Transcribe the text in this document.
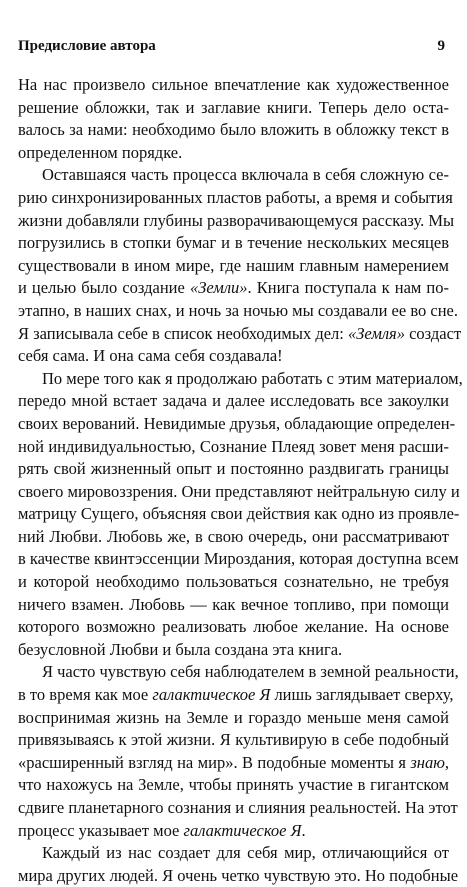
Предисловие автора	9
На нас произвело сильное впечатление как художественное
решение обложки, так и заглавие книги. Теперь дело оста-
валось за нами: необходимо было вложить в обложку текст в
определенном порядке.
Оставшаяся часть процесса включала в себя сложную се-
рию синхронизированных пластов работы, а время и события
жизни добавляли глубины разворачивающемуся рассказу. Мы
погрузились в стопки бумаг и в течение нескольких месяцев
существовали в ином мире, где нашим главным намерением
и целью было создание «Земли». Книга поступала к нам по-
этапно, в наших снах, и ночь за ночью мы создавали ее во сне.
Я записывала себе в список необходимых дел: «Земля» создаст
себя сама. И она сама себя создавала!
По мере того как я продолжаю работать с этим материалом,
передо мной встает задача и далее исследовать все закоулки
своих верований. Невидимые друзья, обладающие определен-
ной индивидуальностью, Сознание Плеяд зовет меня расши-
рять свой жизненный опыт и постоянно раздвигать границы
своего мировоззрения. Они представляют нейтральную силу и
матрицу Сущего, объясняя свои действия как одно из проявле-
ний Любви. Любовь же, в свою очередь, они рассматривают
в качестве квинтэссенции Мироздания, которая доступна всем
и которой необходимо пользоваться сознательно, не требуя
ничего взамен. Любовь — как вечное топливо, при помощи
которого возможно реализовать любое желание. На основе
безусловной Любви и была создана эта книга.
Я часто чувствую себя наблюдателем в земной реальности,
в то время как мое галактическое Я лишь заглядывает сверху,
воспринимая жизнь на Земле и гораздо меньше меня самой
привязываясь к этой жизни. Я культивирую в себе подобный
«расширенный взгляд на мир». В подобные моменты я знаю,
что нахожусь на Земле, чтобы принять участие в гигантском
сдвиге планетарного сознания и слияния реальностей. На этот
процесс указывает мое галактическое Я.
Каждый из нас создает для себя мир, отличающийся от
мира других людей. Я очень четко чувствую это. Но подобные
